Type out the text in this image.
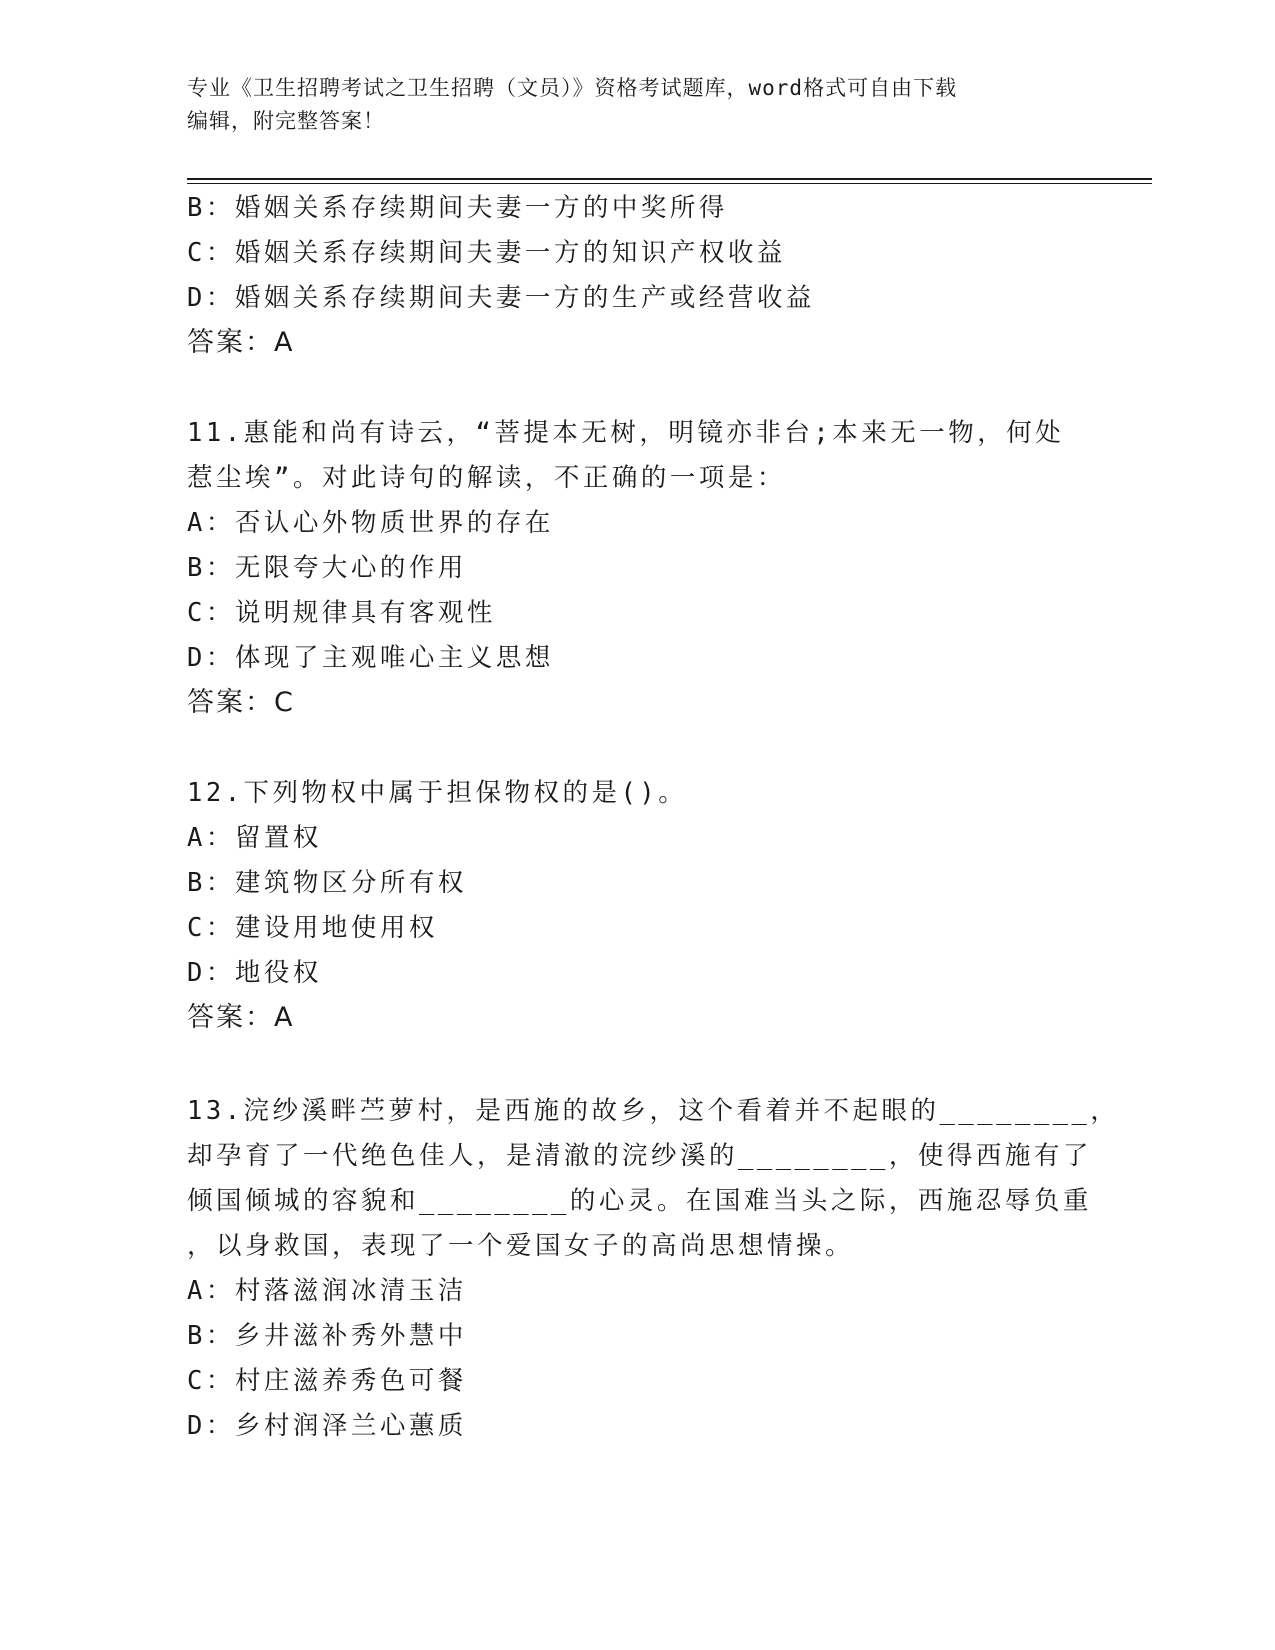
专业《卫生招聘考试之卫生招聘（文员）》资格考试题库，word格式可自由下载
编辑，附完整答案！
B：婚姻关系存续期间夫妻一方的中奖所得
C：婚姻关系存续期间夫妻一方的知识产权收益
D：婚姻关系存续期间夫妻一方的生产或经营收益
答案：A
11.惠能和尚有诗云，“菩提本无树，明镜亦非台;本来无一物，何处
惹尘埃”。对此诗句的解读，不正确的一项是：
A：否认心外物质世界的存在
B：无限夸大心的作用
C：说明规律具有客观性
D：体现了主观唯心主义思想
答案：C
12.下列物权中属于担保物权的是()。
A：留置权
B：建筑物区分所有权
C：建设用地使用权
D：地役权
答案：A
13.浣纱溪畔苎萝村，是西施的故乡，这个看着并不起眼的________，
却孕育了一代绝色佳人，是清澈的浣纱溪的________，使得西施有了
倾国倾城的容貌和________的心灵。在国难当头之际，西施忍辱负重
，以身救国，表现了一个爱国女子的高尚思想情操。
A：村落滋润冰清玉洁
B：乡井滋补秀外慧中
C：村庄滋养秀色可餐
D：乡村润泽兰心蕙质
